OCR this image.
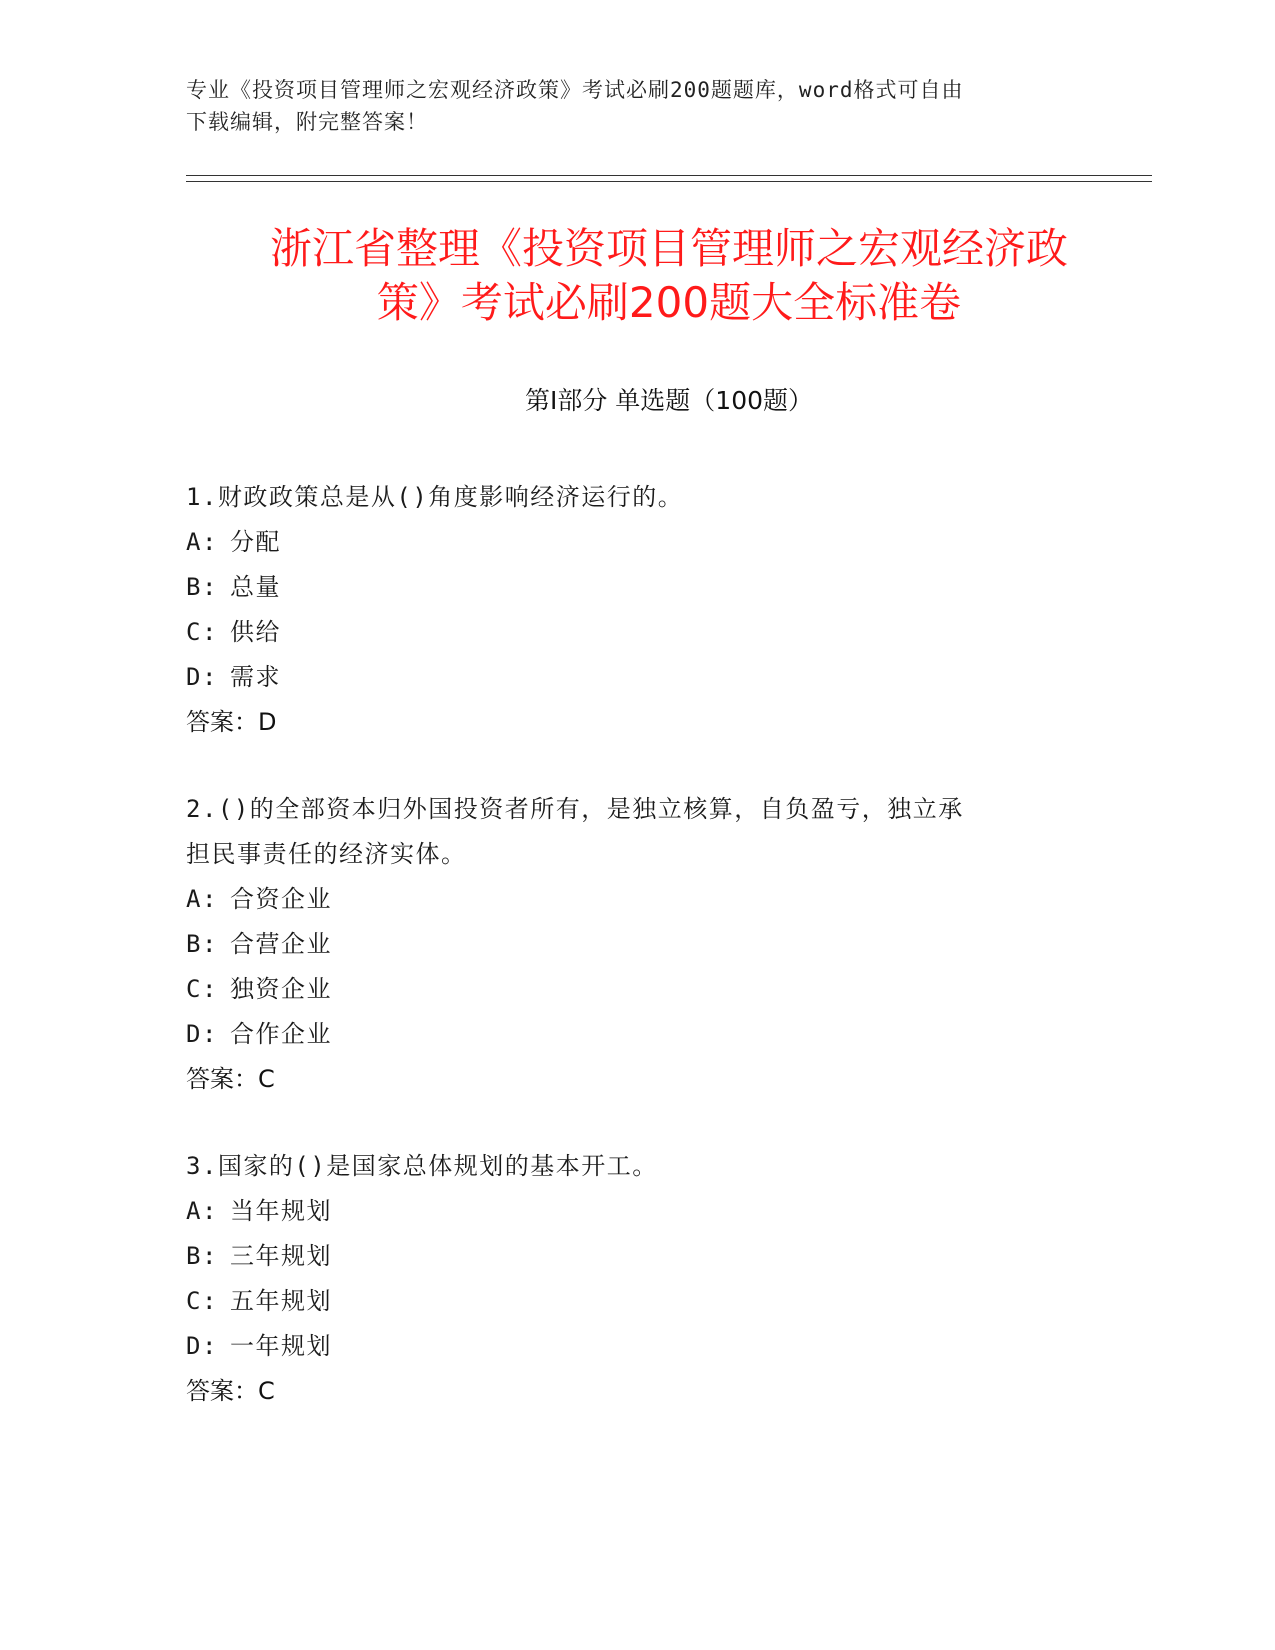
专业《投资项目管理师之宏观经济政策》考试必刷200题题库，word格式可自由
下载编辑，附完整答案！
浙江省整理《投资项目管理师之宏观经济政
策》考试必刷200题大全标准卷
第Ⅰ部分 单选题（100题）
1.财政政策总是从()角度影响经济运行的。
A: 分配
B: 总量
C: 供给
D: 需求
答案：D
2.()的全部资本归外国投资者所有，是独立核算，自负盈亏，独立承
担民事责任的经济实体。
A: 合资企业
B: 合营企业
C: 独资企业
D: 合作企业
答案：C
3.国家的()是国家总体规划的基本开工。
A: 当年规划
B: 三年规划
C: 五年规划
D: 一年规划
答案：C
